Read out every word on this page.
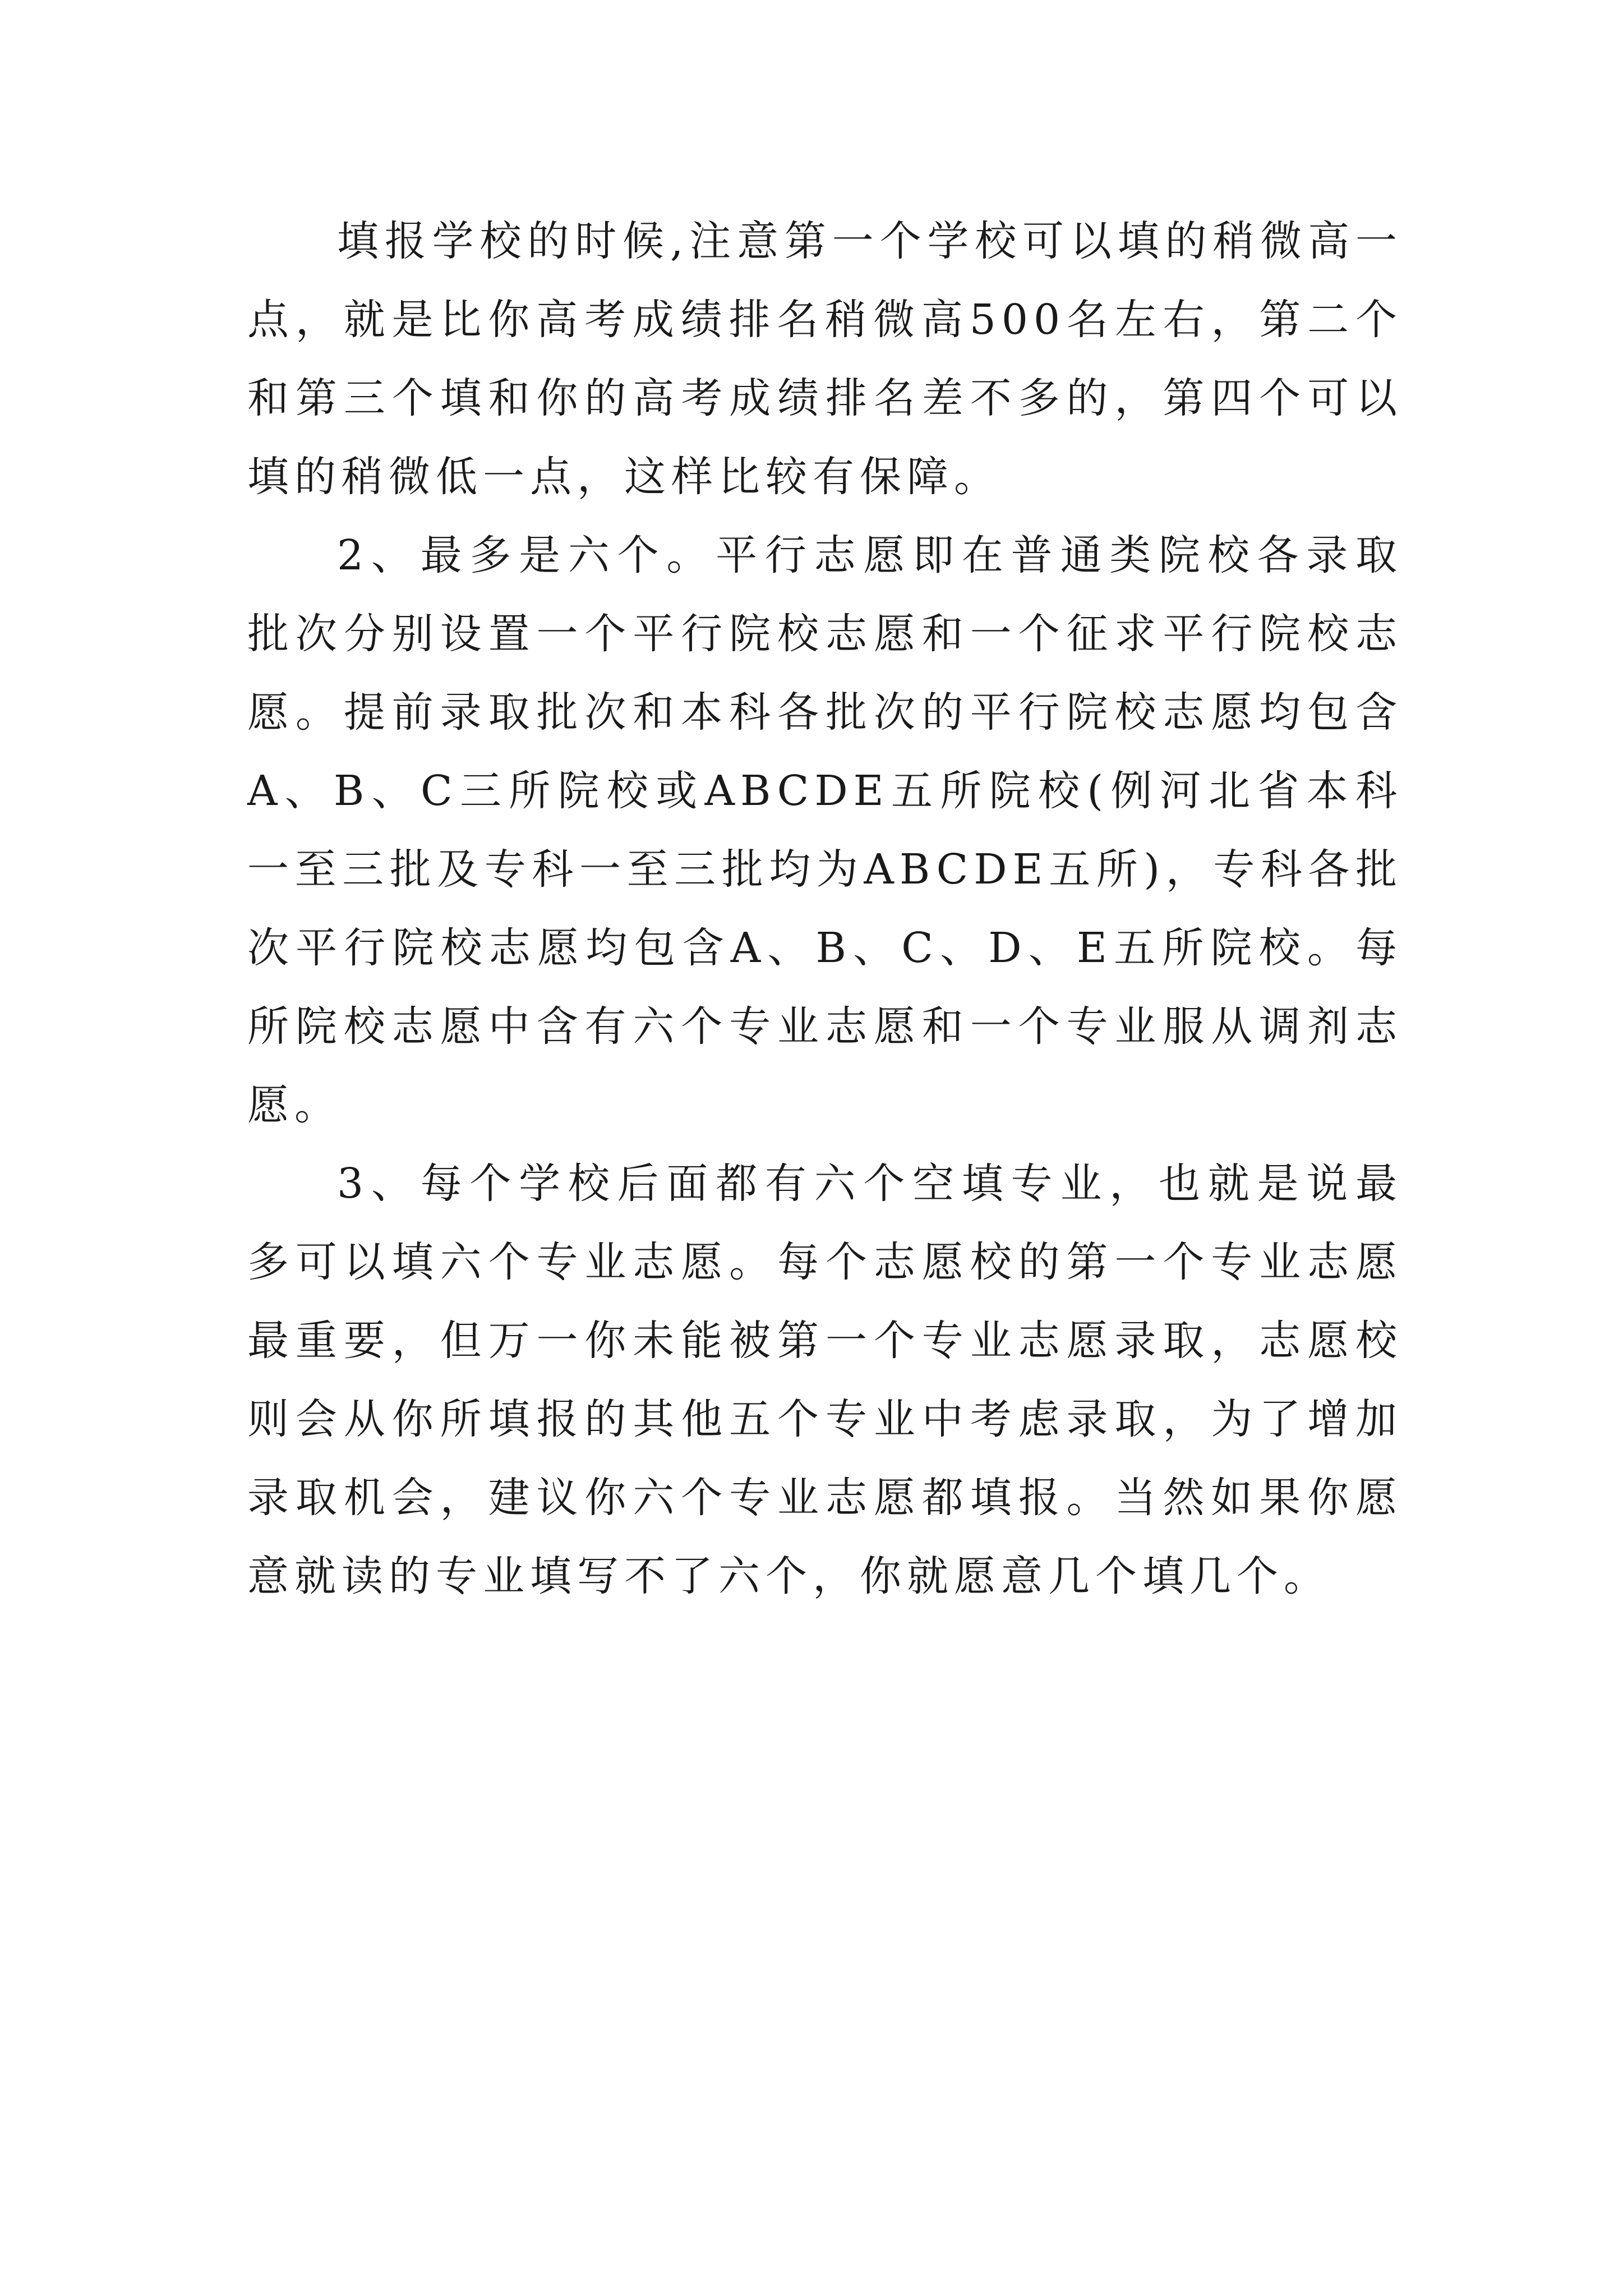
填报学校的时候,注意第一个学校可以填的稍微高一点，就是比你高考成绩排名稍微高500名左右，第二个和第三个填和你的高考成绩排名差不多的，第四个可以填的稍微低一点，这样比较有保障。

2、最多是六个。平行志愿即在普通类院校各录取批次分别设置一个平行院校志愿和一个征求平行院校志愿。提前录取批次和本科各批次的平行院校志愿均包含A、B、C三所院校或ABCDE五所院校(例河北省本科一至三批及专科一至三批均为ABCDE五所)，专科各批次平行院校志愿均包含A、B、C、D、E五所院校。每所院校志愿中含有六个专业志愿和一个专业服从调剂志愿。

3、每个学校后面都有六个空填专业，也就是说最多可以填六个专业志愿。每个志愿校的第一个专业志愿最重要，但万一你未能被第一个专业志愿录取，志愿校则会从你所填报的其他五个专业中考虑录取，为了增加录取机会，建议你六个专业志愿都填报。当然如果你愿意就读的专业填写不了六个，你就愿意几个填几个。
